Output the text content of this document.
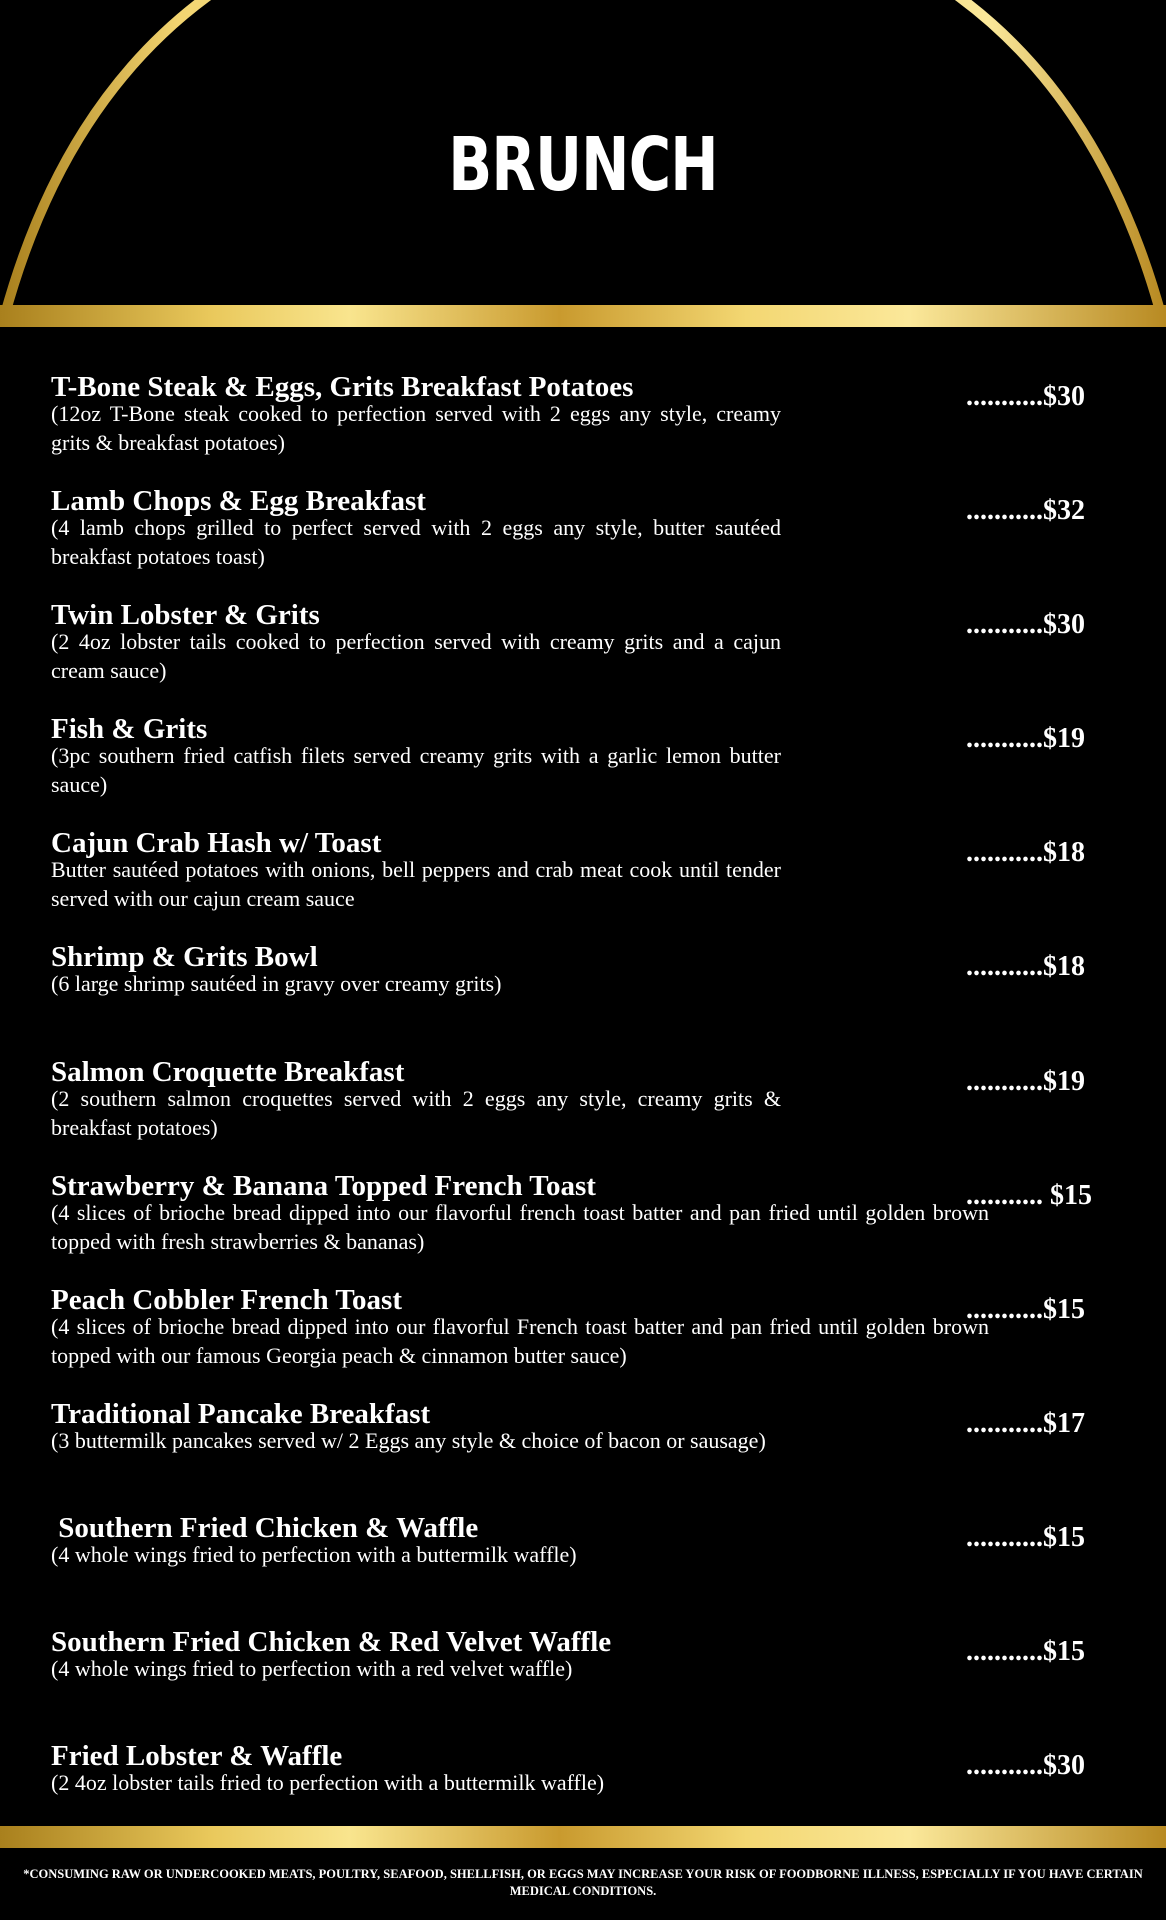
BRUNCH
T-Bone Steak & Eggs, Grits Breakfast Potatoes
(12oz T-Bone steak cooked to perfection served with 2 eggs any style, creamy grits & breakfast potatoes)
...........$30
Lamb Chops & Egg Breakfast
(4 lamb chops grilled to perfect served with 2 eggs any style, butter sautéed breakfast potatoes toast)
...........$32
Twin Lobster & Grits
(2 4oz lobster tails cooked to perfection served with creamy grits and a cajun cream sauce)
...........$30
Fish & Grits
(3pc southern fried catfish filets served creamy grits with a garlic lemon butter sauce)
...........$19
Cajun Crab Hash w/ Toast
Butter sautéed potatoes with onions, bell peppers and crab meat cook until tender served with our cajun cream sauce
...........$18
Shrimp & Grits Bowl
(6 large shrimp sautéed in gravy over creamy grits)
...........$18
Salmon Croquette Breakfast
(2 southern salmon croquettes served with 2 eggs any style, creamy grits & breakfast potatoes)
...........$19
Strawberry & Banana Topped French Toast
(4 slices of brioche bread dipped into our flavorful french toast batter and pan fried until golden brown topped with fresh strawberries & bananas)
........... $15
Peach Cobbler French Toast
(4 slices of brioche bread dipped into our flavorful French toast batter and pan fried until golden brown topped with our famous Georgia peach & cinnamon butter sauce)
...........$15
Traditional Pancake Breakfast
(3 buttermilk pancakes served w/ 2 Eggs any style & choice of bacon or sausage)
...........$17
Southern Fried Chicken & Waffle
(4 whole wings fried to perfection with a buttermilk waffle)
...........$15
Southern Fried Chicken & Red Velvet Waffle
(4 whole wings fried to perfection with a red velvet waffle)
...........$15
Fried Lobster & Waffle
(2 4oz lobster tails fried to perfection with a buttermilk waffle)
...........$30
*CONSUMING RAW OR UNDERCOOKED MEATS, POULTRY, SEAFOOD, SHELLFISH, OR EGGS MAY INCREASE YOUR RISK OF FOODBORNE ILLNESS, ESPECIALLY IF YOU HAVE CERTAIN MEDICAL CONDITIONS.
